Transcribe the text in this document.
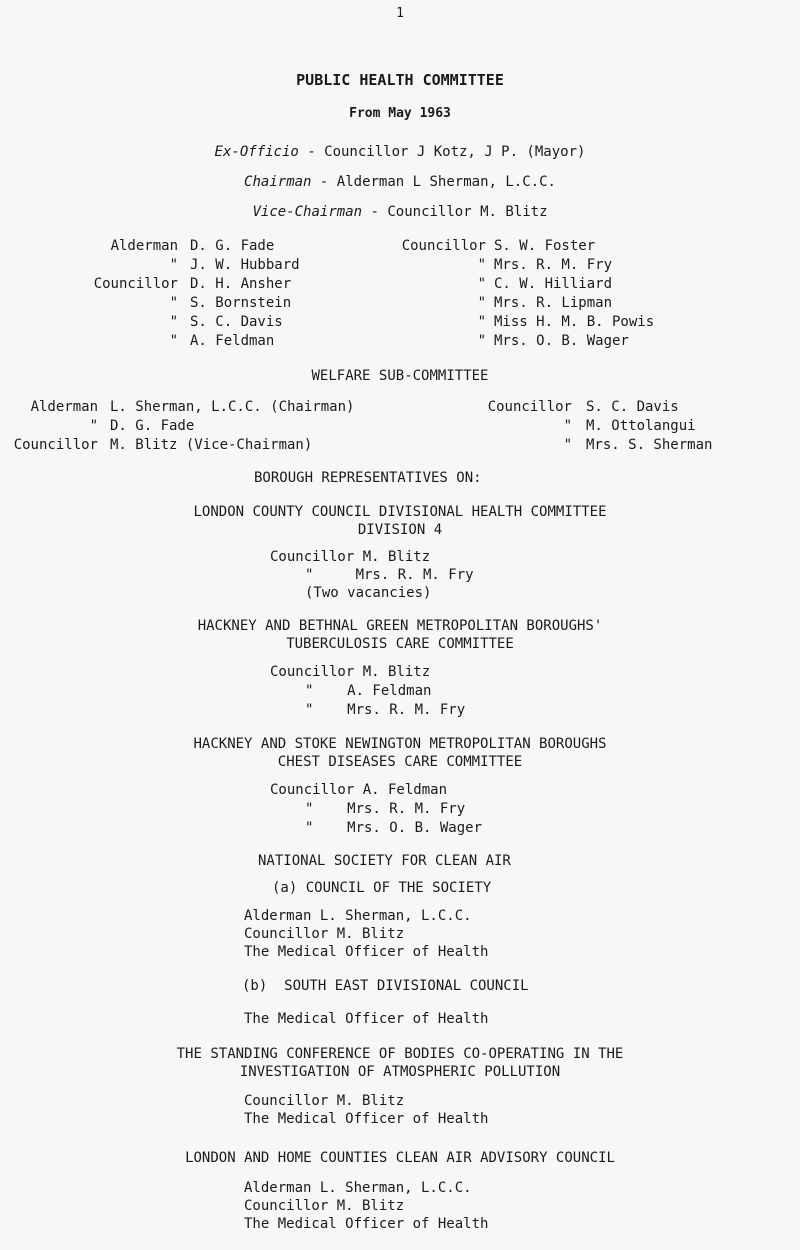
1
PUBLIC HEALTH COMMITTEE
From May 1963
Ex-Officio - Councillor J Kotz, J P. (Mayor)
Chairman - Alderman L Sherman, L.C.C.
Vice-Chairman - Councillor M. Blitz
Alderman D. G. Fade
" J. W. Hubbard
Councillor D. H. Ansher
" S. Bornstein
" S. C. Davis
" A. Feldman
Councillor S. W. Foster
" Mrs. R. M. Fry
" C. W. Hilliard
" Mrs. R. Lipman
" Miss H. M. B. Powis
" Mrs. O. B. Wager
WELFARE SUB-COMMITTEE
Alderman L. Sherman, L.C.C. (Chairman)
" D. G. Fade
Councillor M. Blitz (Vice-Chairman)
Councillor S. C. Davis
" M. Ottolangui
" Mrs. S. Sherman
BOROUGH REPRESENTATIVES ON:
LONDON COUNTY COUNCIL DIVISIONAL HEALTH COMMITTEE
DIVISION 4
Councillor M. Blitz
"     Mrs. R. M. Fry
(Two vacancies)
HACKNEY AND BETHNAL GREEN METROPOLITAN BOROUGHS'
TUBERCULOSIS CARE COMMITTEE
Councillor M. Blitz
"    A. Feldman
"    Mrs. R. M. Fry
HACKNEY AND STOKE NEWINGTON METROPOLITAN BOROUGHS
CHEST DISEASES CARE COMMITTEE
Councillor A. Feldman
"    Mrs. R. M. Fry
"    Mrs. O. B. Wager
NATIONAL SOCIETY FOR CLEAN AIR
(a) COUNCIL OF THE SOCIETY
Alderman L. Sherman, L.C.C.
Councillor M. Blitz
The Medical Officer of Health
(b)  SOUTH EAST DIVISIONAL COUNCIL
The Medical Officer of Health
THE STANDING CONFERENCE OF BODIES CO-OPERATING IN THE
INVESTIGATION OF ATMOSPHERIC POLLUTION
Councillor M. Blitz
The Medical Officer of Health
LONDON AND HOME COUNTIES CLEAN AIR ADVISORY COUNCIL
Alderman L. Sherman, L.C.C.
Councillor M. Blitz
The Medical Officer of Health
